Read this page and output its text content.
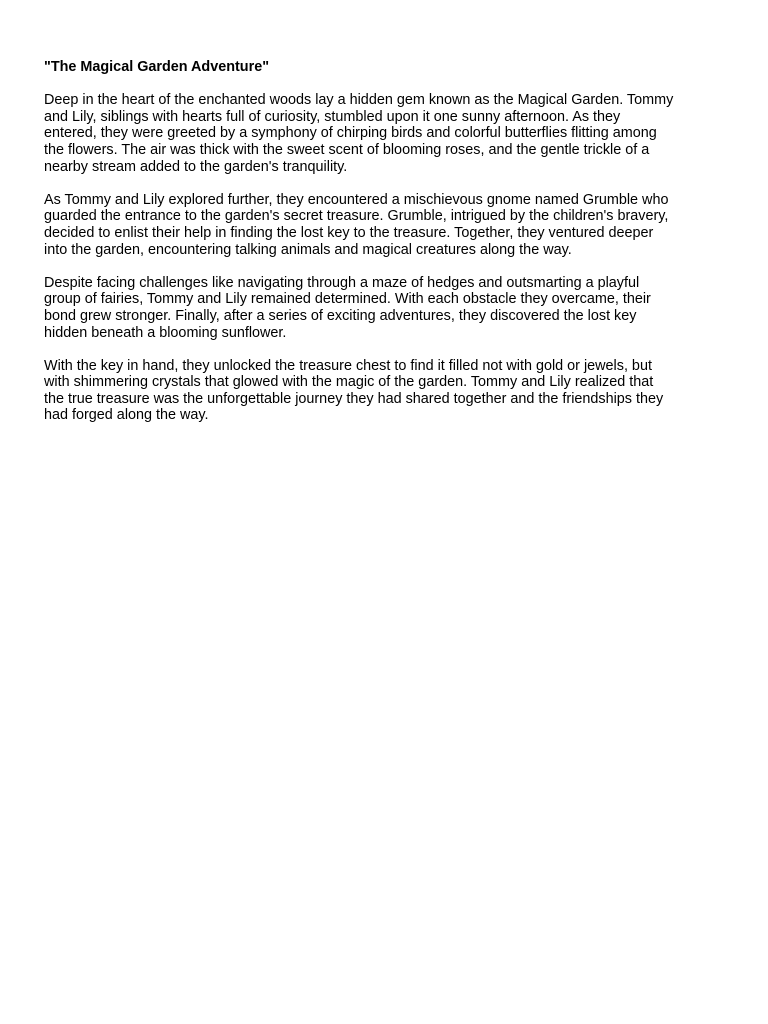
"The Magical Garden Adventure"
Deep in the heart of the enchanted woods lay a hidden gem known as the Magical Garden. Tommy
and Lily, siblings with hearts full of curiosity, stumbled upon it one sunny afternoon. As they
entered, they were greeted by a symphony of chirping birds and colorful butterflies flitting among
the flowers. The air was thick with the sweet scent of blooming roses, and the gentle trickle of a
nearby stream added to the garden's tranquility.
As Tommy and Lily explored further, they encountered a mischievous gnome named Grumble who
guarded the entrance to the garden's secret treasure. Grumble, intrigued by the children's bravery,
decided to enlist their help in finding the lost key to the treasure. Together, they ventured deeper
into the garden, encountering talking animals and magical creatures along the way.
Despite facing challenges like navigating through a maze of hedges and outsmarting a playful
group of fairies, Tommy and Lily remained determined. With each obstacle they overcame, their
bond grew stronger. Finally, after a series of exciting adventures, they discovered the lost key
hidden beneath a blooming sunflower.
With the key in hand, they unlocked the treasure chest to find it filled not with gold or jewels, but
with shimmering crystals that glowed with the magic of the garden. Tommy and Lily realized that
the true treasure was the unforgettable journey they had shared together and the friendships they
had forged along the way.
